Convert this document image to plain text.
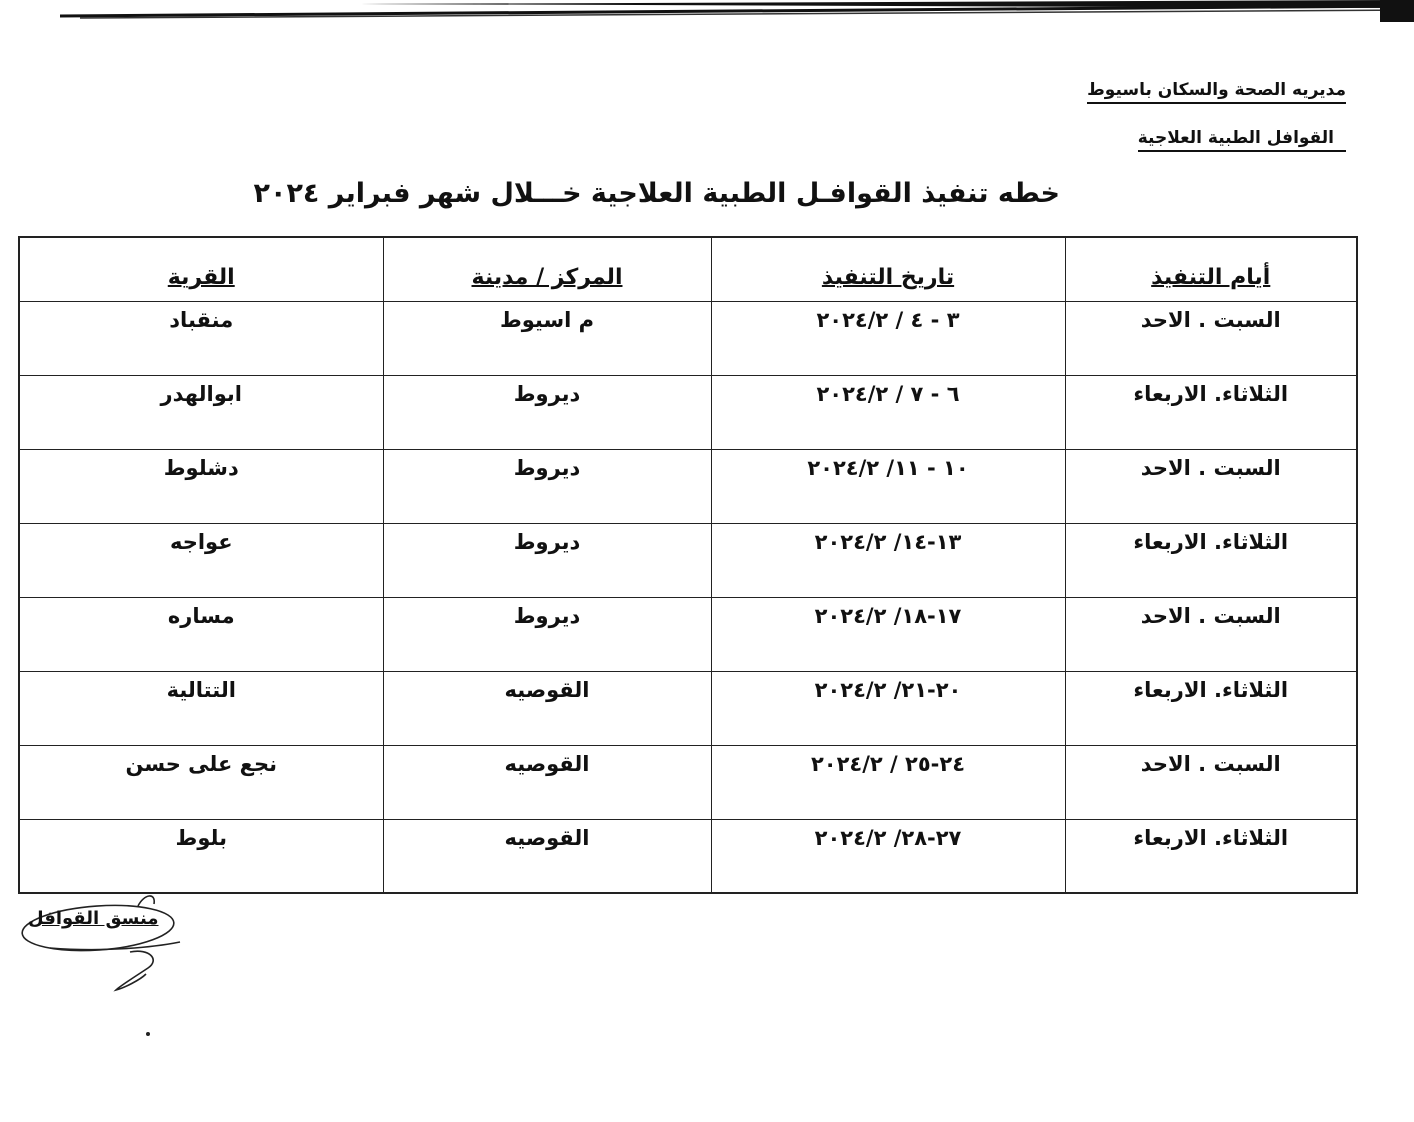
مديريه الصحة والسكان باسيوط
القوافل الطبية العلاجية
خطه تنفيذ القوافـل الطبية العلاجية خـــلال شهر فبراير ٢٠٢٤
أيام التنفيذ	تاريخ التنفيذ	المركز / مدينة	القرية
السبت . الاحد	٣ - ٤ / ٢٠٢٤/٢	م اسيوط	منقباد
الثلاثاء. الاربعاء	٦ - ٧ / ٢٠٢٤/٢	ديروط	ابوالهدر
السبت . الاحد	١٠ - ١١/ ٢٠٢٤/٢	ديروط	دشلوط
الثلاثاء. الاربعاء	١٣-١٤/ ٢٠٢٤/٢	ديروط	عواجه
السبت . الاحد	١٧-١٨/ ٢٠٢٤/٢	ديروط	مساره
الثلاثاء. الاربعاء	٢٠-٢١/ ٢٠٢٤/٢	القوصيه	التتالية
السبت . الاحد	٢٤-٢٥ / ٢٠٢٤/٢	القوصيه	نجع على حسن
الثلاثاء. الاربعاء	٢٧-٢٨/ ٢٠٢٤/٢	القوصيه	بلوط
منسق القوافل
